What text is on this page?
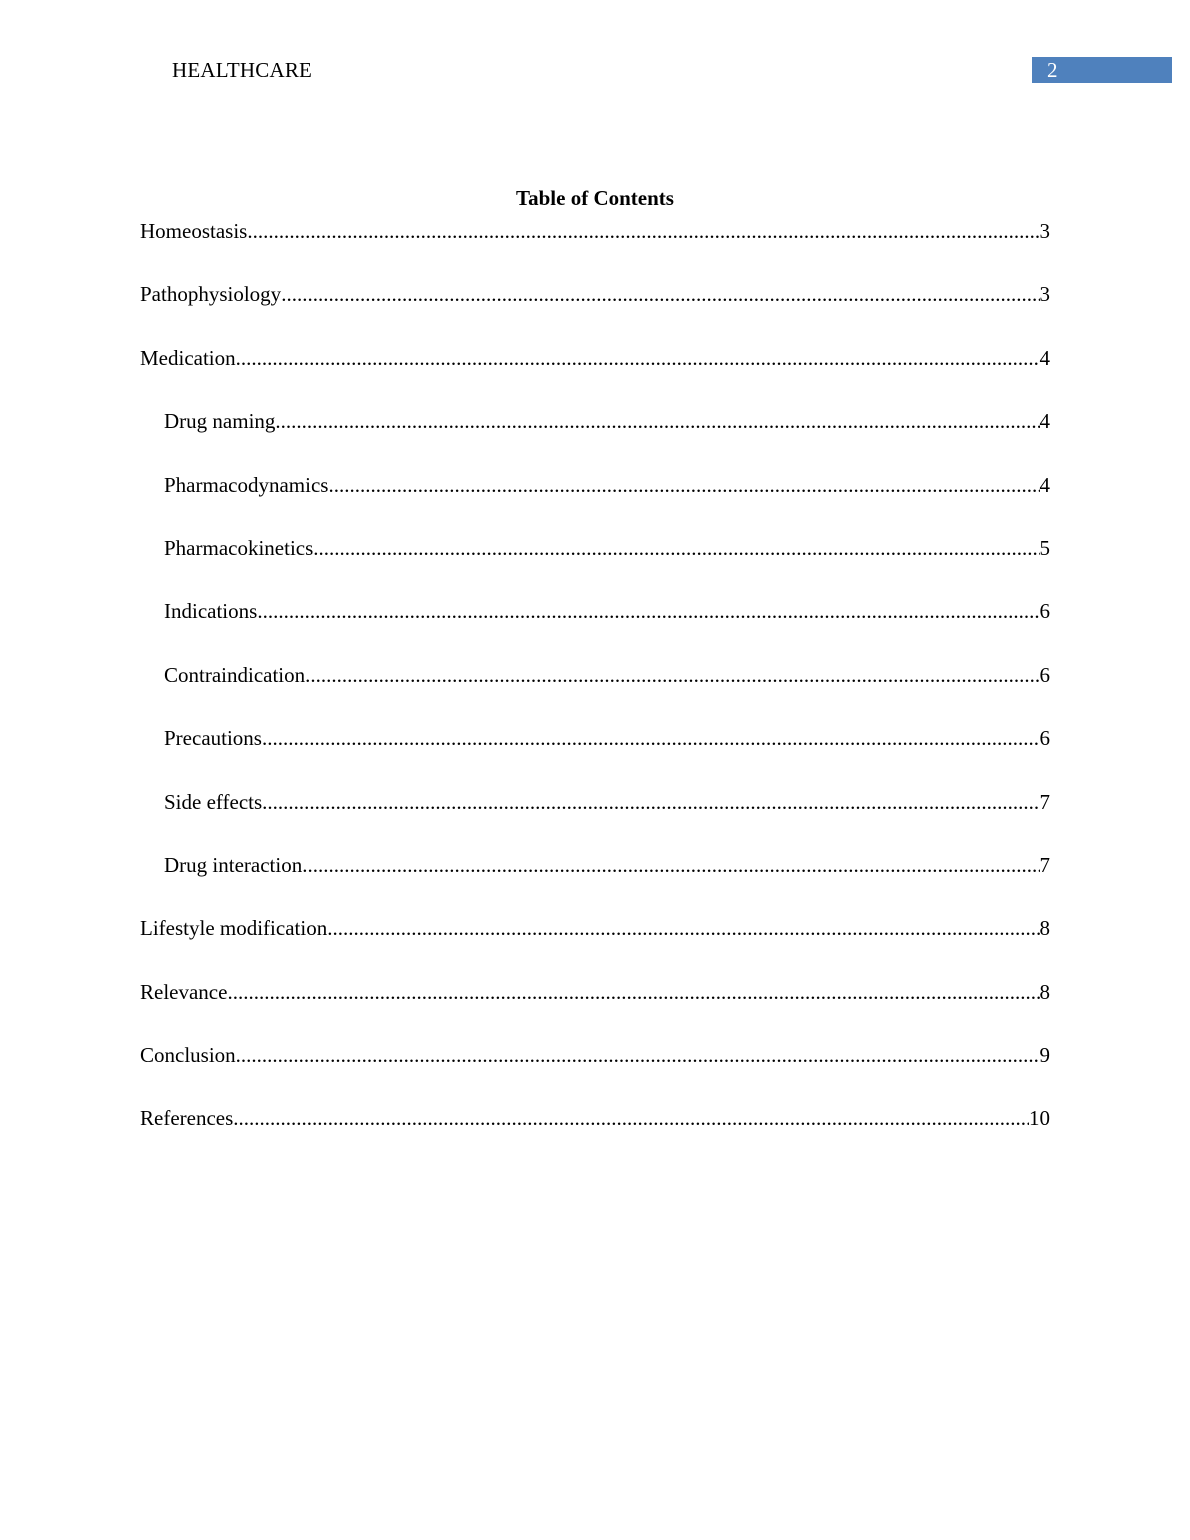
HEALTHCARE	2
Table of Contents
Homeostasis .....	3
Pathophysiology .....	3
Medication .....	4
Drug naming .....	4
Pharmacodynamics .....	4
Pharmacokinetics .....	5
Indications .....	6
Contraindication .....	6
Precautions .....	6
Side effects .....	7
Drug interaction .....	7
Lifestyle modification .....	8
Relevance .....	8
Conclusion .....	9
References .....	10
